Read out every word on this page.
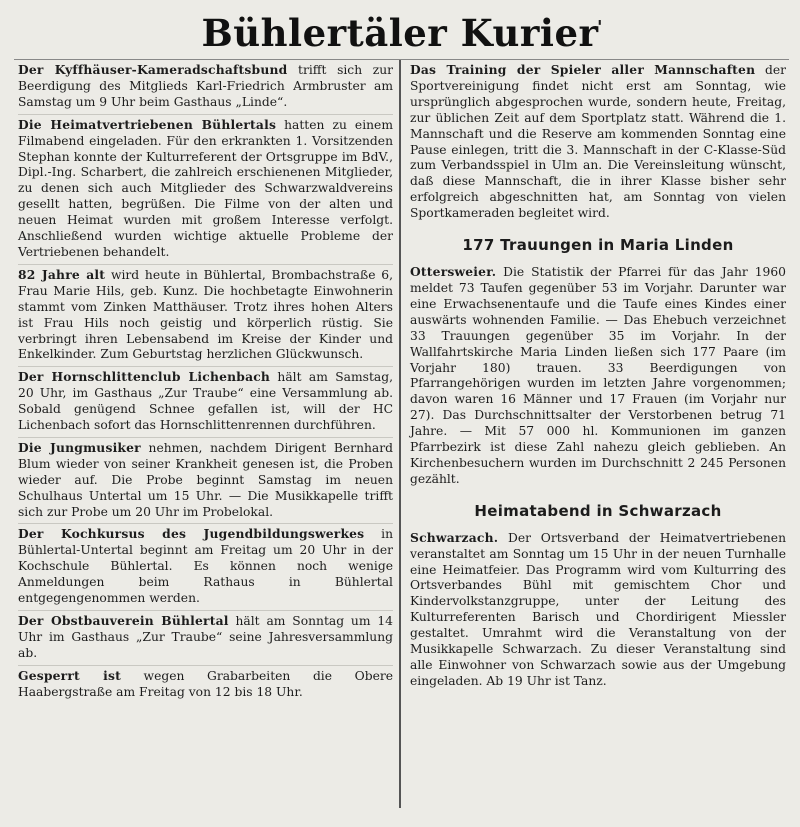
Bühlertäler Kurier
'

Der Kyffhäuser-Kameradschaftsbund trifft sich zur Beerdigung des Mitglieds Karl-Friedrich Armbruster am Samstag um 9 Uhr beim Gasthaus „Linde“.

Die Heimatvertriebenen Bühlertals hatten zu einem Filmabend eingeladen. Für den erkrankten 1. Vorsitzenden Stephan konnte der Kulturreferent der Ortsgruppe im BdV., Dipl.-Ing. Scharbert, die zahlreich erschienenen Mitglieder, zu denen sich auch Mitglieder des Schwarzwaldvereins gesellt hatten, begrüßen. Die Filme von der alten und neuen Heimat wurden mit großem Interesse verfolgt. Anschließend wurden wichtige aktuelle Probleme der Vertriebenen behandelt.

82 Jahre alt wird heute in Bühlertal, Brombachstraße 6, Frau Marie Hils, geb. Kunz. Die hochbetagte Einwohnerin stammt vom Zinken Matthäuser. Trotz ihres hohen Alters ist Frau Hils noch geistig und körperlich rüstig. Sie verbringt ihren Lebensabend im Kreise der Kinder und Enkelkinder. Zum Geburtstag herzlichen Glückwunsch.

Der Hornschlittenclub Lichenbach hält am Samstag, 20 Uhr, im Gasthaus „Zur Traube“ eine Versammlung ab. Sobald genügend Schnee gefallen ist, will der HC Lichenbach sofort das Hornschlittenrennen durchführen.

Die Jungmusiker nehmen, nachdem Dirigent Bernhard Blum wieder von seiner Krankheit genesen ist, die Proben wieder auf. Die Probe beginnt Samstag im neuen Schulhaus Untertal um 15 Uhr. — Die Musikkapelle trifft sich zur Probe um 20 Uhr im Probelokal.

Der Kochkursus des Jugendbildungswerkes in Bühlertal-Untertal beginnt am Freitag um 20 Uhr in der Kochschule Bühlertal. Es können noch wenige Anmeldungen beim Rathaus in Bühlertal entgegengenommen werden.

Der Obstbauverein Bühlertal hält am Sonntag um 14 Uhr im Gasthaus „Zur Traube“ seine Jahresversammlung ab.

Gesperrt ist wegen Grabarbeiten die Obere Haabergstraße am Freitag von 12 bis 18 Uhr.

Das Training der Spieler aller Mannschaften der Sportvereinigung findet nicht erst am Sonntag, wie ursprünglich abgesprochen wurde, sondern heute, Freitag, zur üblichen Zeit auf dem Sportplatz statt. Während die 1. Mannschaft und die Reserve am kommenden Sonntag eine Pause einlegen, tritt die 3. Mannschaft in der C-Klasse-Süd zum Verbandsspiel in Ulm an. Die Vereinsleitung wünscht, daß diese Mannschaft, die in ihrer Klasse bisher sehr erfolgreich abgeschnitten hat, am Sonntag von vielen Sportkameraden begleitet wird.

177 Trauungen in Maria Linden

Ottersweier. Die Statistik der Pfarrei für das Jahr 1960 meldet 73 Taufen gegenüber 53 im Vorjahr. Darunter war eine Erwachsenentaufe und die Taufe eines Kindes einer auswärts wohnenden Familie. — Das Ehebuch verzeichnet 33 Trauungen gegenüber 35 im Vorjahr. In der Wallfahrtskirche Maria Linden ließen sich 177 Paare (im Vorjahr 180) trauen. 33 Beerdigungen von Pfarrangehörigen wurden im letzten Jahre vorgenommen; davon waren 16 Männer und 17 Frauen (im Vorjahr nur 27). Das Durchschnittsalter der Verstorbenen betrug 71 Jahre. — Mit 57 000 hl. Kommunionen im ganzen Pfarrbezirk ist diese Zahl nahezu gleich geblieben. An Kirchenbesuchern wurden im Durchschnitt 2 245 Personen gezählt.

Heimatabend in Schwarzach

Schwarzach. Der Ortsverband der Heimatvertriebenen veranstaltet am Sonntag um 15 Uhr in der neuen Turnhalle eine Heimatfeier. Das Programm wird vom Kulturring des Ortsverbandes Bühl mit gemischtem Chor und Kindervolkstanzgruppe, unter der Leitung des Kulturreferenten Barisch und Chordirigent Miessler gestaltet. Umrahmt wird die Veranstaltung von der Musikkapelle Schwarzach. Zu dieser Veranstaltung sind alle Einwohner von Schwarzach sowie aus der Umgebung eingeladen. Ab 19 Uhr ist Tanz.
